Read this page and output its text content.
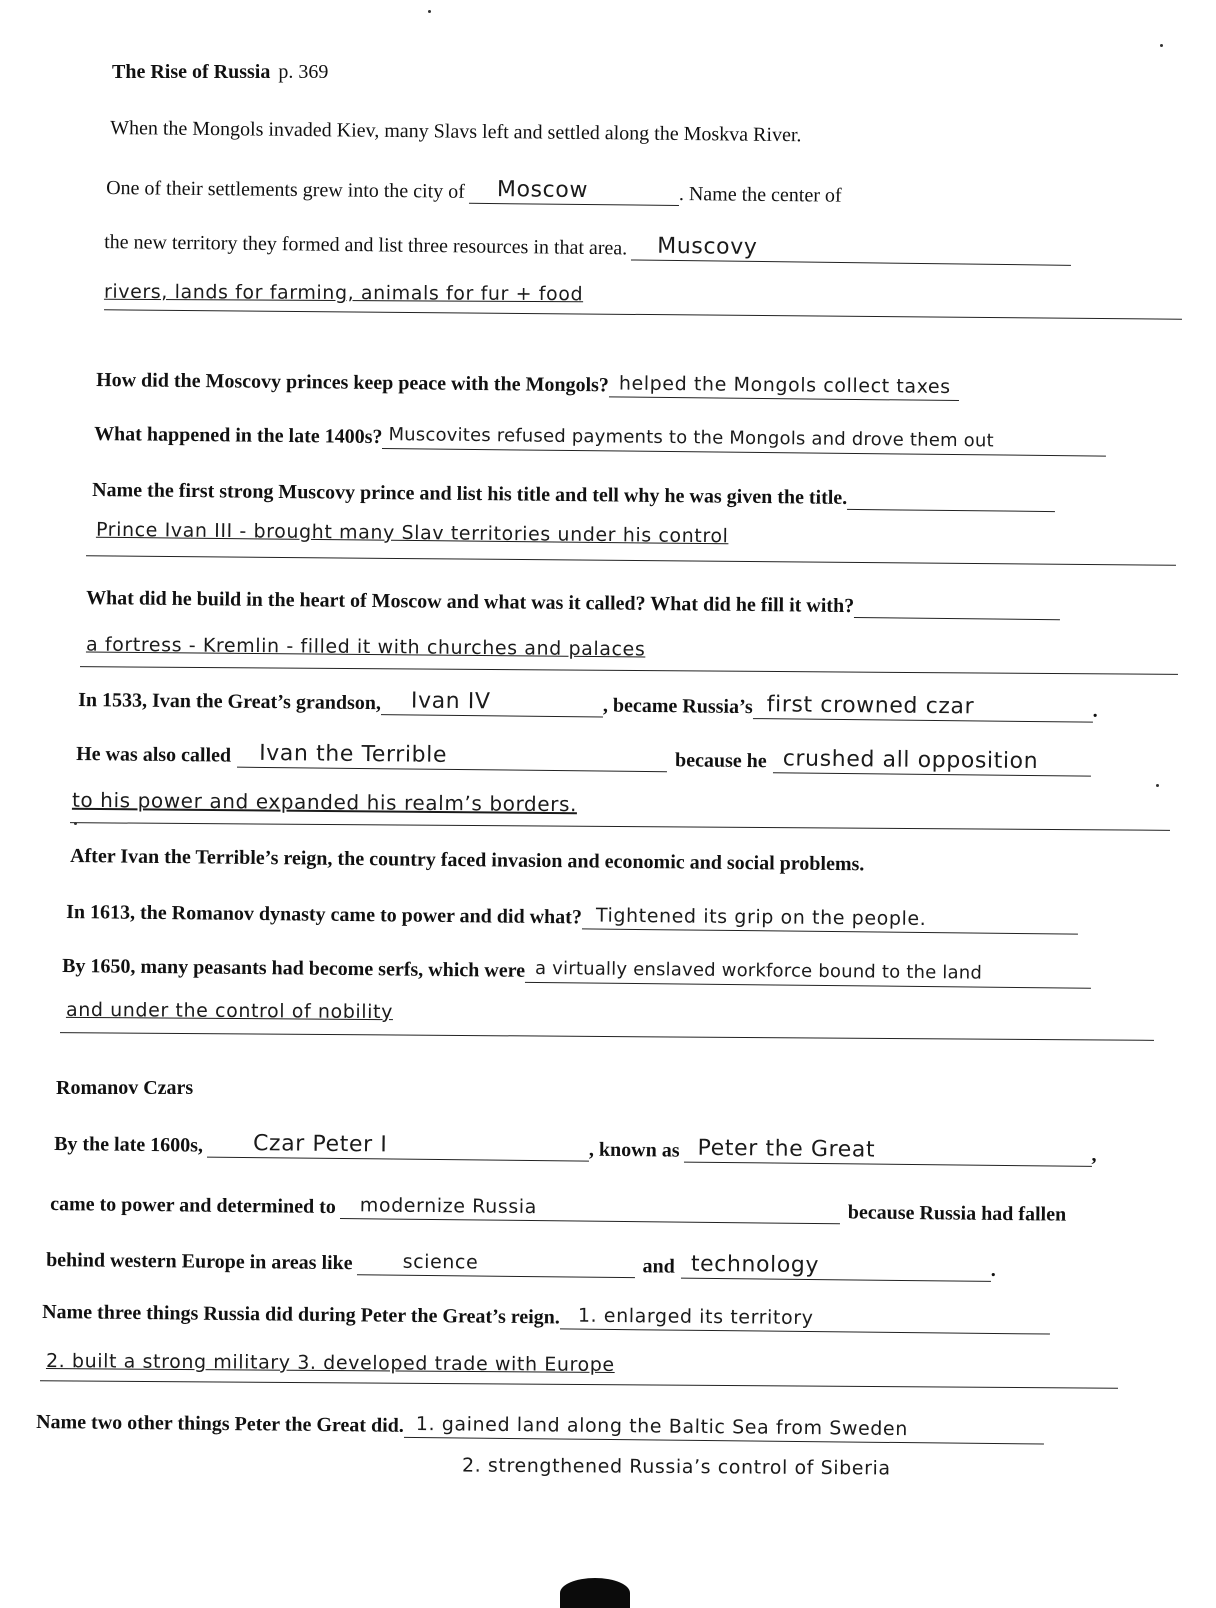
The Rise of Russia p. 369
When the Mongols invaded Kiev, many Slavs left and settled along the Moskva River.
One of their settlements grew into the city of Moscow	. Name the center of
the new territory they formed and list three resources in that area. Muscovy
rivers, lands for farming, animals for fur + food
How did the Moscovy princes keep peace with the Mongols? helped the Mongols collect taxes
What happened in the late 1400s? Muscovites refused payments to the Mongols and drove them out
Name the first strong Muscovy prince and list his title and tell why he was given the title.
Prince Ivan III - brought many Slav territories under his control
What did he build in the heart of Moscow and what was it called? What did he fill it with?
a fortress - Kremlin - filled it with churches and palaces
In 1533, Ivan the Great’s grandson, Ivan IV	, became Russia’s first crowned czar	.
He was also called Ivan the Terrible	because he crushed all opposition
to his power and expanded his realm’s borders.
After Ivan the Terrible’s reign, the country faced invasion and economic and social problems.
In 1613, the Romanov dynasty came to power and did what? Tightened its grip on the people.
By 1650, many peasants had become serfs, which were a virtually enslaved workforce bound to the land
and under the control of nobility
Romanov Czars
By the late 1600s, Czar Peter I	, known as Peter the Great	,
came to power and determined to modernize Russia	because Russia had fallen
behind western Europe in areas like	science	and technology	.
Name three things Russia did during Peter the Great’s reign. 1. enlarged its territory
2. built a strong military 3. developed trade with Europe
Name two other things Peter the Great did. 1. gained land along the Baltic Sea from Sweden
2. strengthened Russia’s control of Siberia
